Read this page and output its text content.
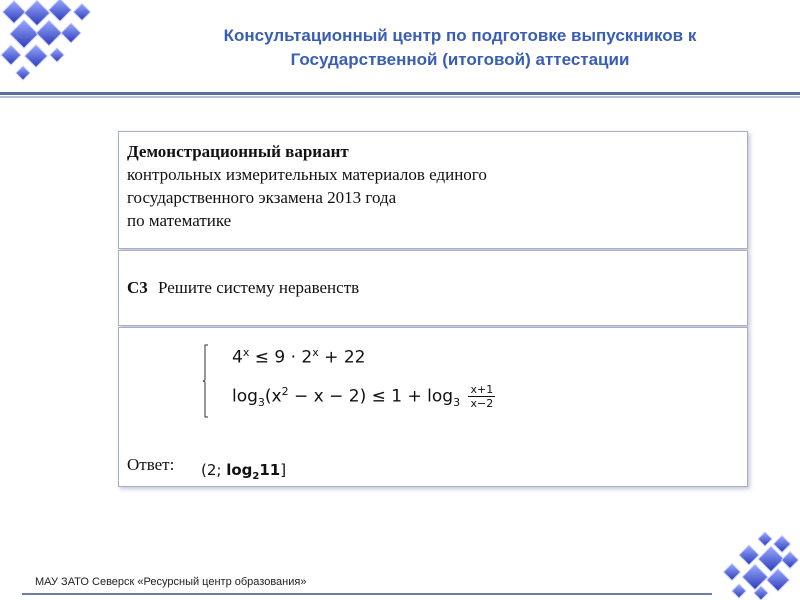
Консультационный центр по подготовке выпускников к
Государственной (итоговой) аттестации
Демонстрационный вариант
контрольных измерительных материалов единого
государственного экзамена 2013 года
по математике
C3 Решите систему неравенств
$4^x \le 9 \cdot 2^x + 22$
$\log_3(x^2 - x - 2) \le 1 + \log_3 \frac{x+1}{x-2}$
Ответ: (2; $\log_211$]
МАУ ЗАТО Северск «Ресурсный центр образования»
